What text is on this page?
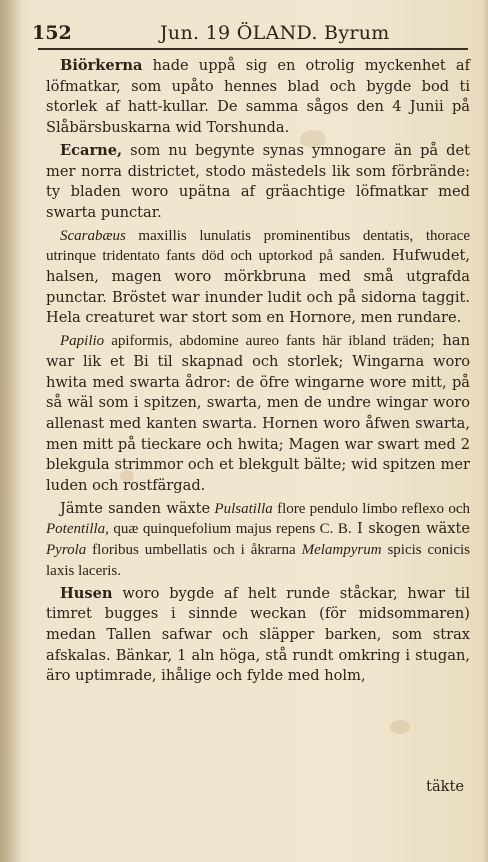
152	Jun. 19 ÖLAND. Byrum

Biörkerna hade uppå sig en otrolig myckenhet af löfmatkar, som upåto hennes blad och bygde bod ti storlek af hatt-kullar. De samma sågos den 4 Junii på Slåbärsbuskarna wid Torshunda.

Ecarne, som nu begynte synas ymnogare än på det mer norra districtet, stodo mästedels lik som förbrände: ty bladen woro upätna af gräachtige löfmatkar med swarta punctar.

Scarabæus maxillis lunulatis prominentibus dentatis, thorace utrinque tridentato fants död och uptorkod på sanden. Hufwudet, halsen, magen woro mörkbruna med små utgrafda punctar. Bröstet war inunder ludit och på sidorna taggit. Hela creaturet war stort som en Hornore, men rundare.

Papilio apiformis, abdomine aureo fants här ibland träden; han war lik et Bi til skapnad och storlek; Wingarna woro hwita med swarta ådror: de öfre wingarne wore mitt, på så wäl som i spitzen, swarta, men de undre wingar woro allenast med kanten swarta. Hornen woro åfwen swarta, men mitt på tieckare och hwita; Magen war swart med 2 blekgula strimmor och et blekgult bälte; wid spitzen mer luden och rostfärgad.

Jämte sanden wäxte Pulsatilla flore pendulo limbo reflexo och Potentilla, quæ quinquefolium majus repens C. B. I skogen wäxte Pyrola floribus umbellatis och i åkrarna Melampyrum spicis conicis laxis laceris.

Husen woro bygde af helt runde ståckar, hwar til timret bugges i sinnde weckan (för midsommaren) medan Tallen safwar och släpper barken, som strax afskalas. Bänkar, 1 aln höga, stå rundt omkring i stugan, äro uptimrade, ihålige och fylde med holm,

täkte
